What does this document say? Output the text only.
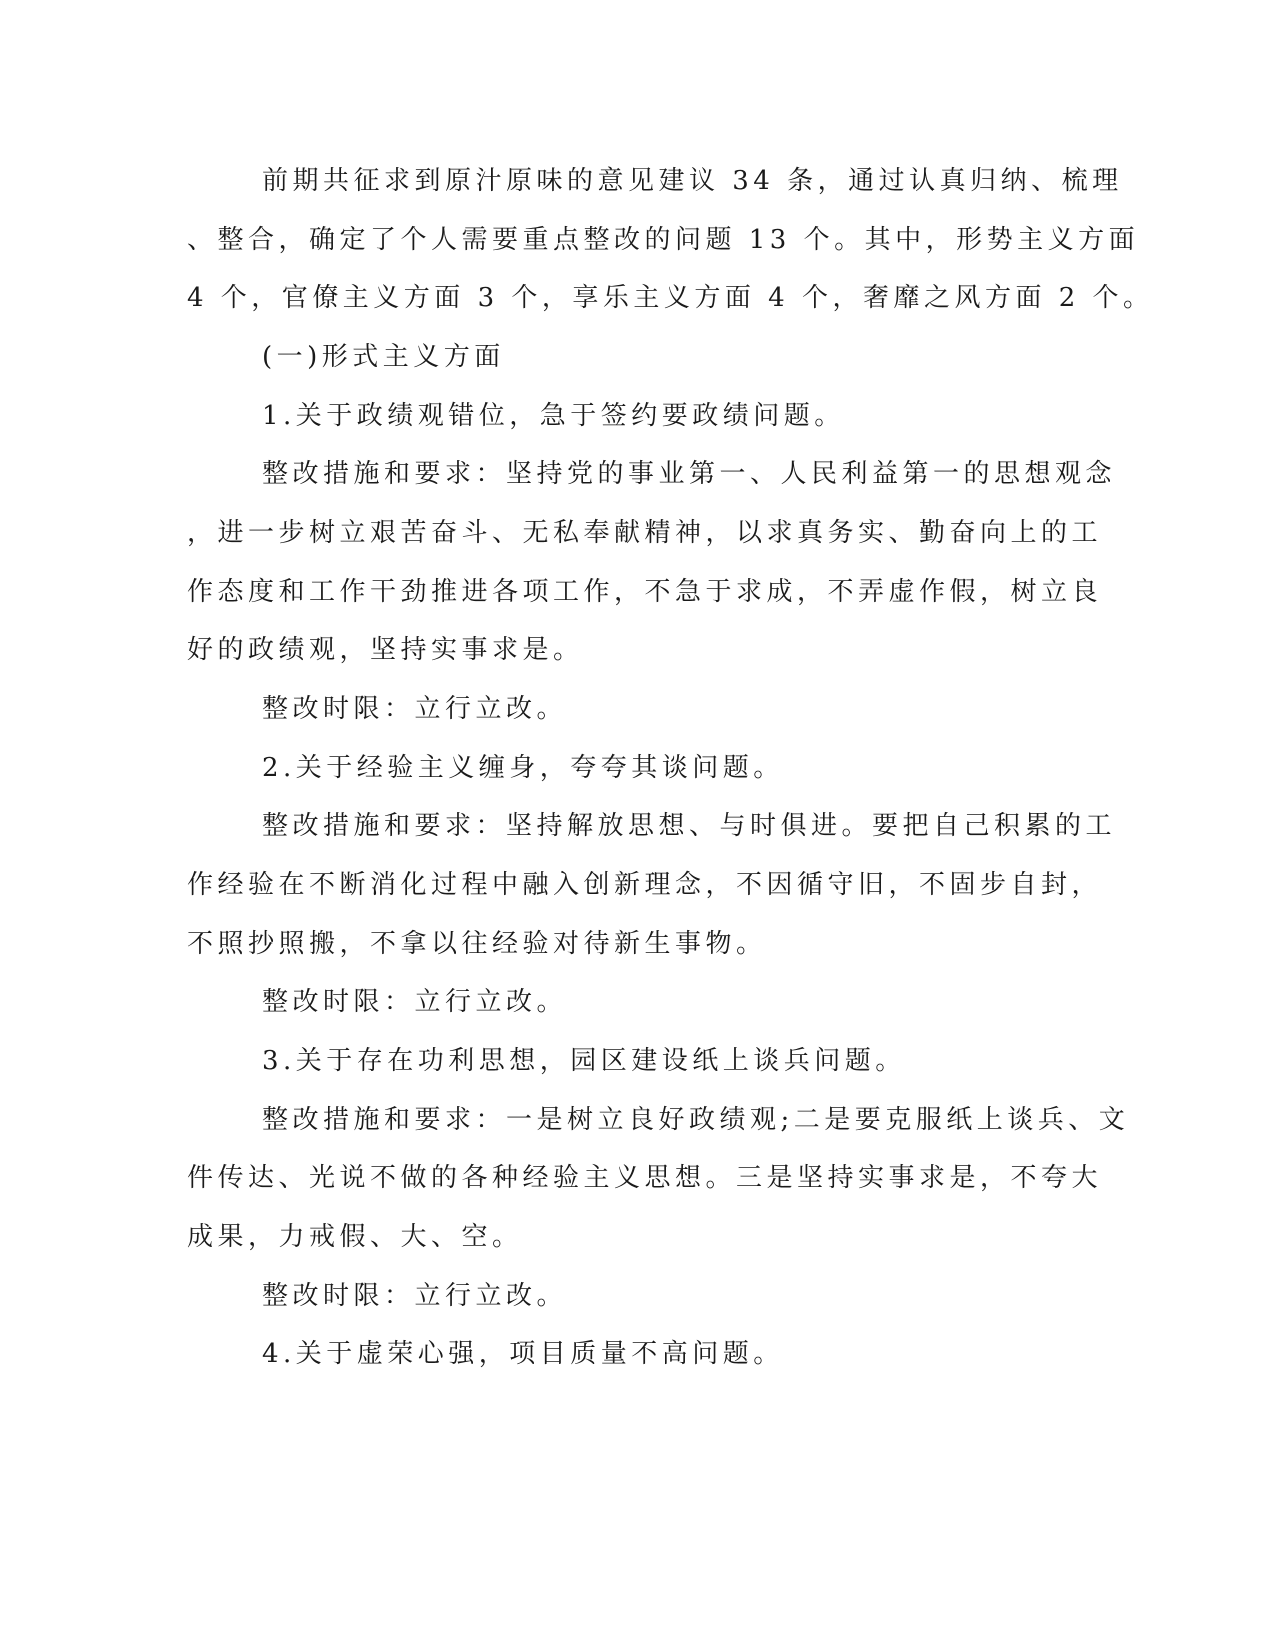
前期共征求到原汁原味的意见建议 34 条，通过认真归纳、梳理
、整合，确定了个人需要重点整改的问题 13 个。其中，形势主义方面
4 个，官僚主义方面 3 个，享乐主义方面 4 个，奢靡之风方面 2 个。
(一)形式主义方面
1.关于政绩观错位，急于签约要政绩问题。
整改措施和要求：坚持党的事业第一、人民利益第一的思想观念
，进一步树立艰苦奋斗、无私奉献精神，以求真务实、勤奋向上的工
作态度和工作干劲推进各项工作，不急于求成，不弄虚作假，树立良
好的政绩观，坚持实事求是。
整改时限：立行立改。
2.关于经验主义缠身，夸夸其谈问题。
整改措施和要求：坚持解放思想、与时俱进。要把自己积累的工
作经验在不断消化过程中融入创新理念，不因循守旧，不固步自封，
不照抄照搬，不拿以往经验对待新生事物。
整改时限：立行立改。
3.关于存在功利思想，园区建设纸上谈兵问题。
整改措施和要求：一是树立良好政绩观;二是要克服纸上谈兵、文
件传达、光说不做的各种经验主义思想。三是坚持实事求是，不夸大
成果，力戒假、大、空。
整改时限：立行立改。
4.关于虚荣心强，项目质量不高问题。
